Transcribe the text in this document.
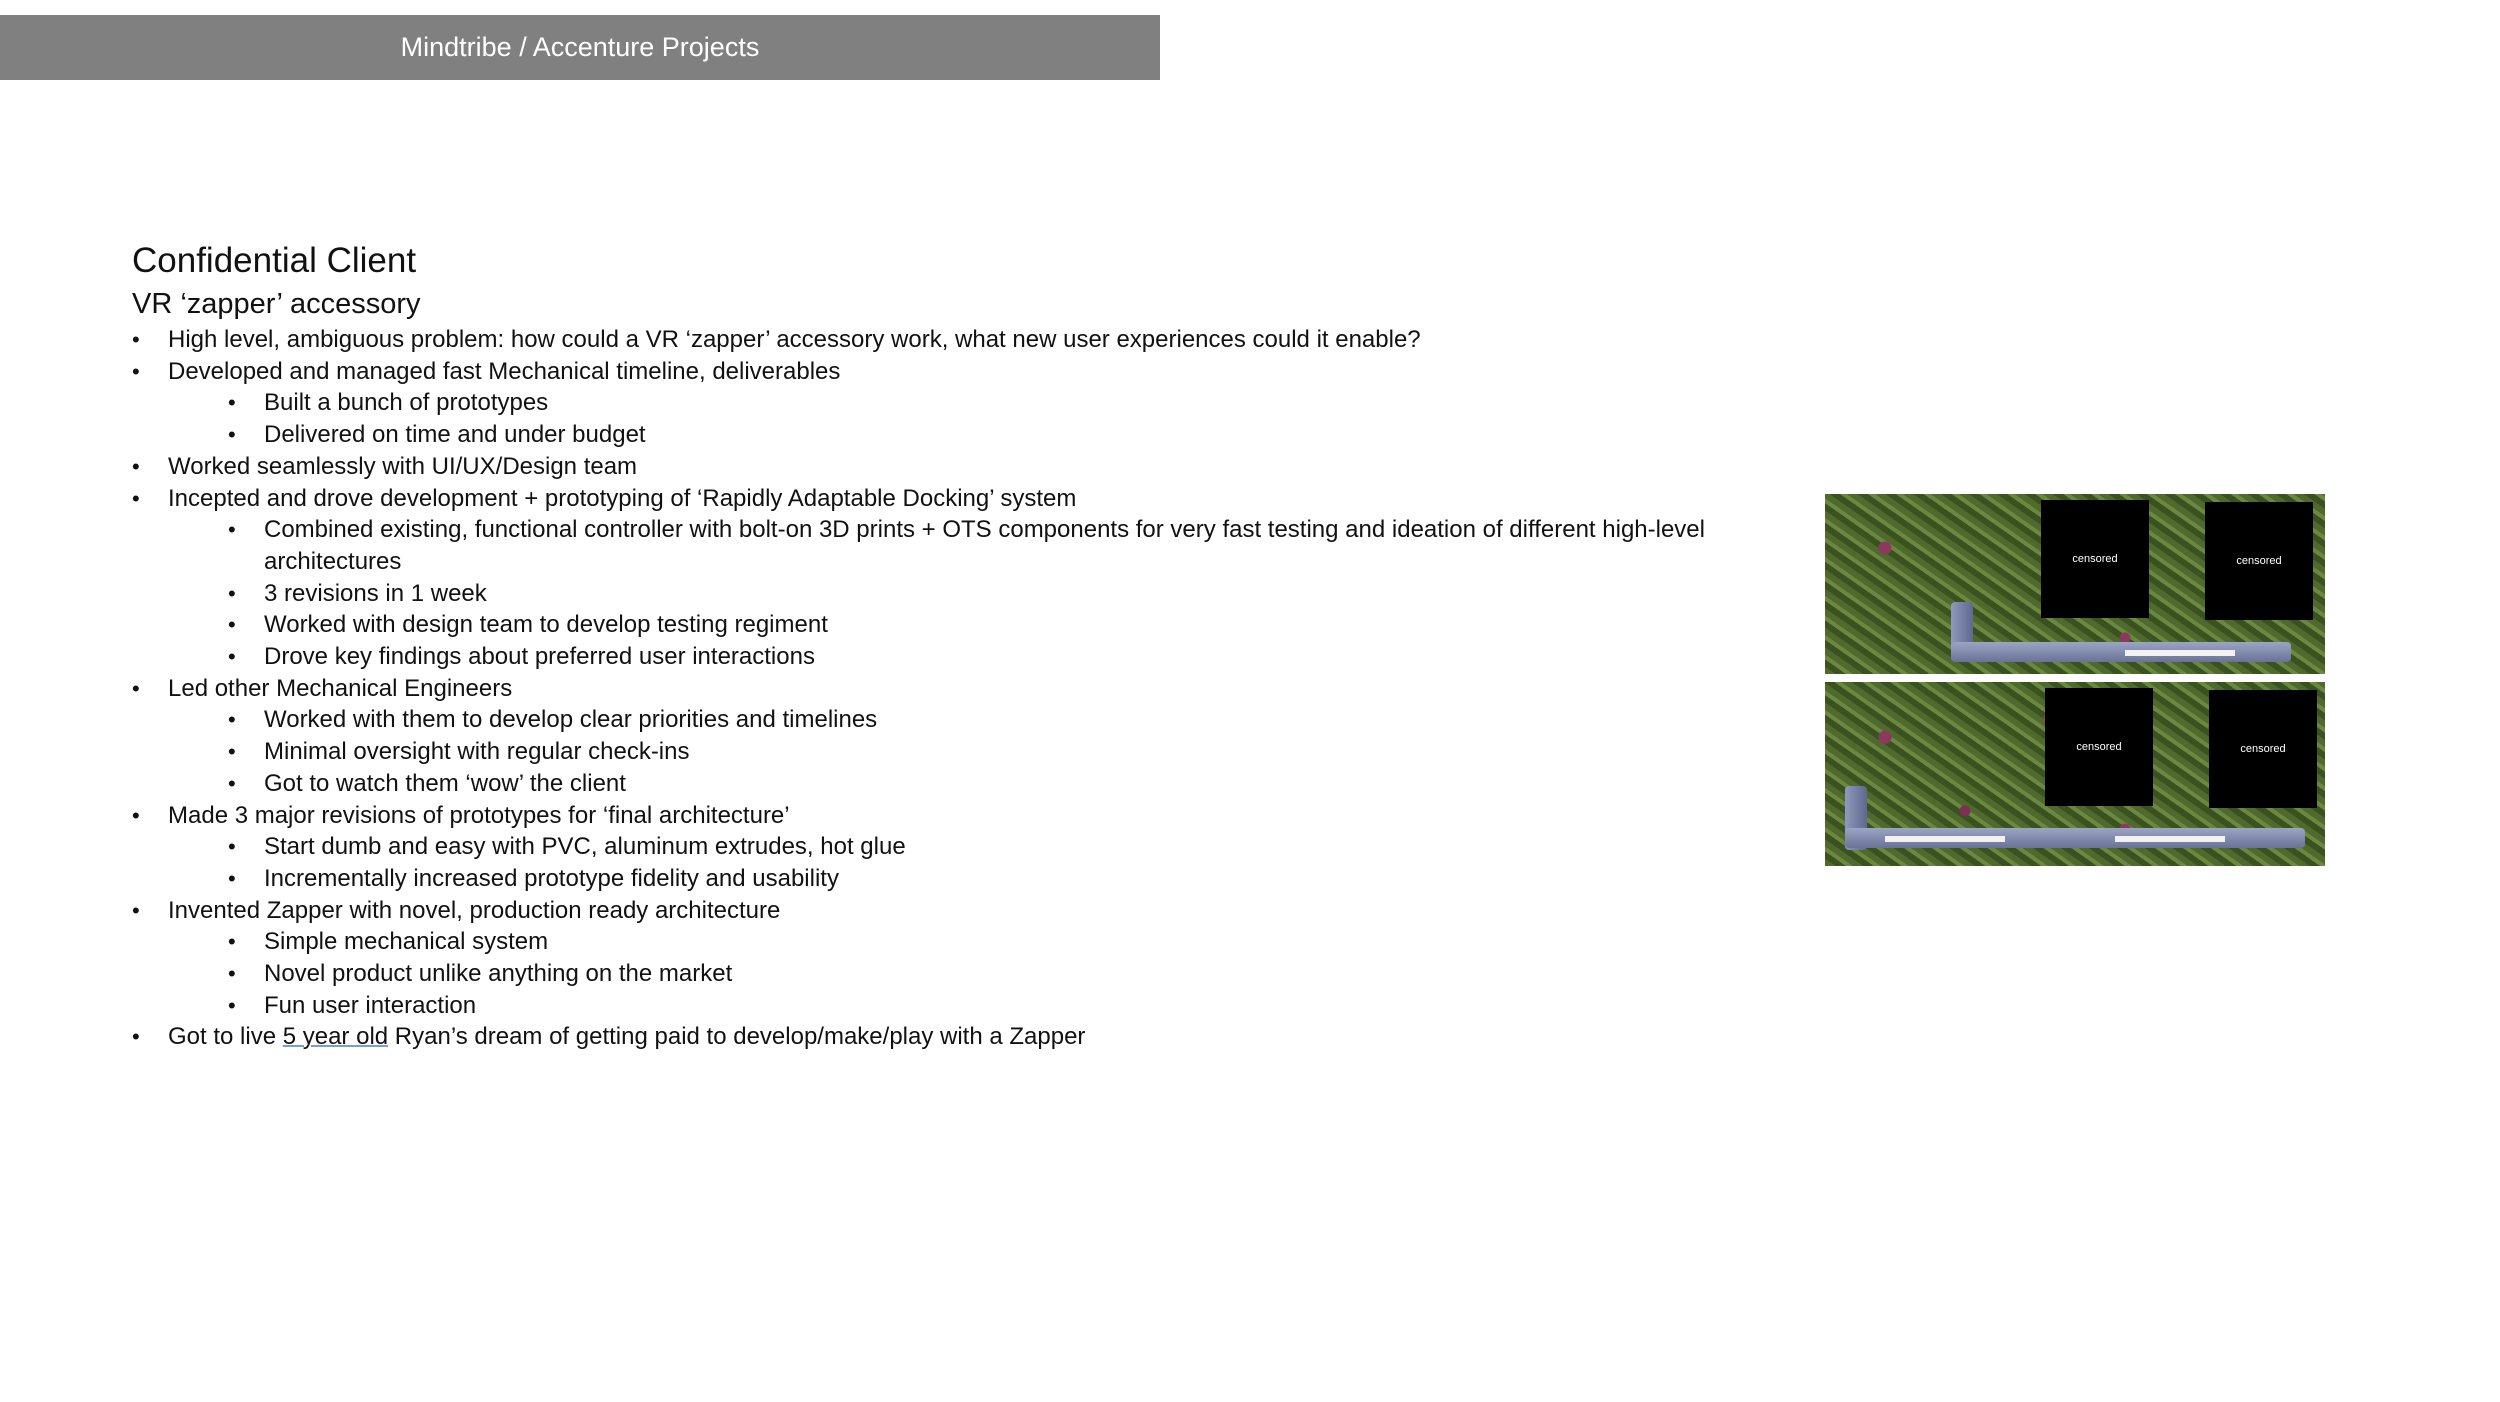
Mindtribe / Accenture Projects
Confidential Client
VR ‘zapper’ accessory
• High level, ambiguous problem: how could a VR ‘zapper’ accessory work, what new user experiences could it enable?
• Developed and managed fast Mechanical timeline, deliverables
• Built a bunch of prototypes
• Delivered on time and under budget
• Worked seamlessly with UI/UX/Design team
• Incepted and drove development + prototyping of ‘Rapidly Adaptable Docking’ system
• Combined existing, functional controller with bolt-on 3D prints + OTS components for very fast testing and ideation of different high-level architectures
• 3 revisions in 1 week
• Worked with design team to develop testing regiment
• Drove key findings about preferred user interactions
• Led other Mechanical Engineers
• Worked with them to develop clear priorities and timelines
• Minimal oversight with regular check-ins
• Got to watch them ‘wow’ the client
• Made 3 major revisions of prototypes for ‘final architecture’
• Start dumb and easy with PVC, aluminum extrudes, hot glue
• Incrementally increased prototype fidelity and usability
• Invented Zapper with novel, production ready architecture
• Simple mechanical system
• Novel product unlike anything on the market
• Fun user interaction
• Got to live 5 year old Ryan’s dream of getting paid to develop/make/play with a Zapper
censored	censored
censored	censored
